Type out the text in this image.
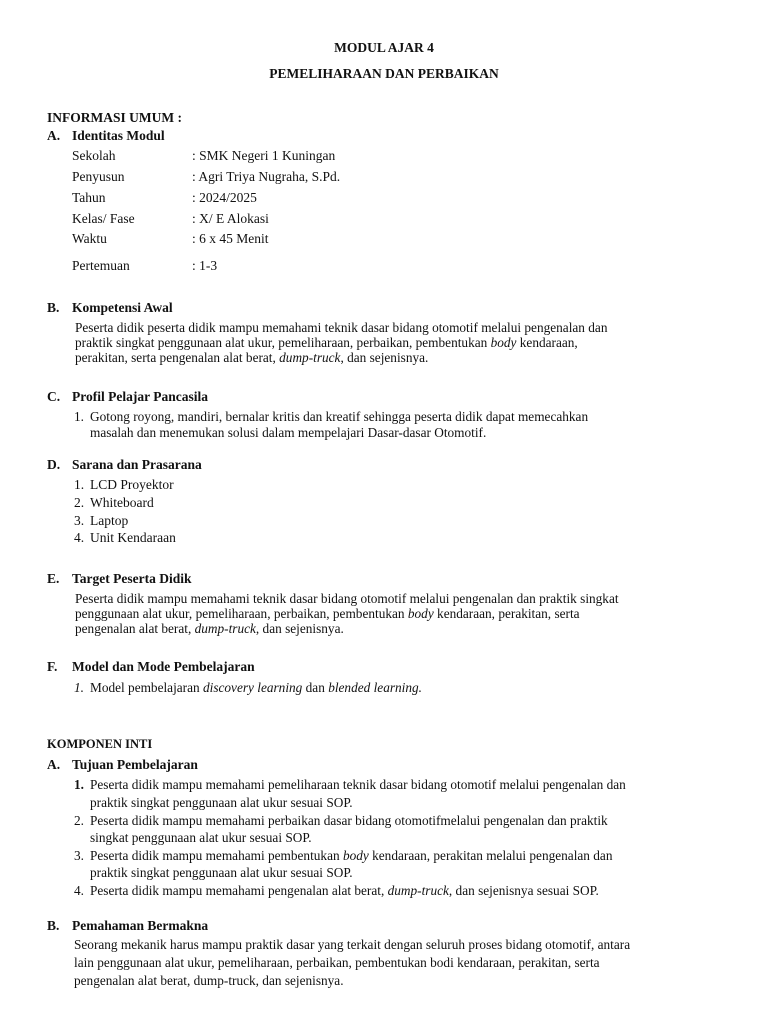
MODUL AJAR 4
PEMELIHARAAN DAN PERBAIKAN
INFORMASI UMUM :
A. Identitas Modul
Sekolah	: SMK Negeri 1 Kuningan
Penyusun	: Agri Triya Nugraha, S.Pd.
Tahun	: 2024/2025
Kelas/ Fase	: X/ E Alokasi
Waktu	: 6 x 45 Menit
Pertemuan	: 1-3
B. Kompetensi Awal
Peserta didik peserta didik mampu memahami teknik dasar bidang otomotif melalui pengenalan dan
praktik singkat penggunaan alat ukur, pemeliharaan, perbaikan, pembentukan body kendaraan,
perakitan, serta pengenalan alat berat, dump-truck, dan sejenisnya.
C. Profil Pelajar Pancasila
1. Gotong royong, mandiri, bernalar kritis dan kreatif sehingga peserta didik dapat memecahkan
masalah dan menemukan solusi dalam mempelajari Dasar-dasar Otomotif.
D. Sarana dan Prasarana
1. LCD Proyektor
2. Whiteboard
3. Laptop
4. Unit Kendaraan
E. Target Peserta Didik
Peserta didik mampu memahami teknik dasar bidang otomotif melalui pengenalan dan praktik singkat
penggunaan alat ukur, pemeliharaan, perbaikan, pembentukan body kendaraan, perakitan, serta
pengenalan alat berat, dump-truck, dan sejenisnya.
F. Model dan Mode Pembelajaran
1. Model pembelajaran discovery learning dan blended learning.
KOMPONEN INTI
A. Tujuan Pembelajaran
1. Peserta didik mampu memahami pemeliharaan teknik dasar bidang otomotif melalui pengenalan dan
praktik singkat penggunaan alat ukur sesuai SOP.
2. Peserta didik mampu memahami perbaikan dasar bidang otomotifmelalui pengenalan dan praktik
singkat penggunaan alat ukur sesuai SOP.
3. Peserta didik mampu memahami pembentukan body kendaraan, perakitan melalui pengenalan dan
praktik singkat penggunaan alat ukur sesuai SOP.
4. Peserta didik mampu memahami pengenalan alat berat, dump-truck, dan sejenisnya sesuai SOP.
B. Pemahaman Bermakna
Seorang mekanik harus mampu praktik dasar yang terkait dengan seluruh proses bidang otomotif, antara
lain penggunaan alat ukur, pemeliharaan, perbaikan, pembentukan bodi kendaraan, perakitan, serta
pengenalan alat berat, dump-truck, dan sejenisnya.
